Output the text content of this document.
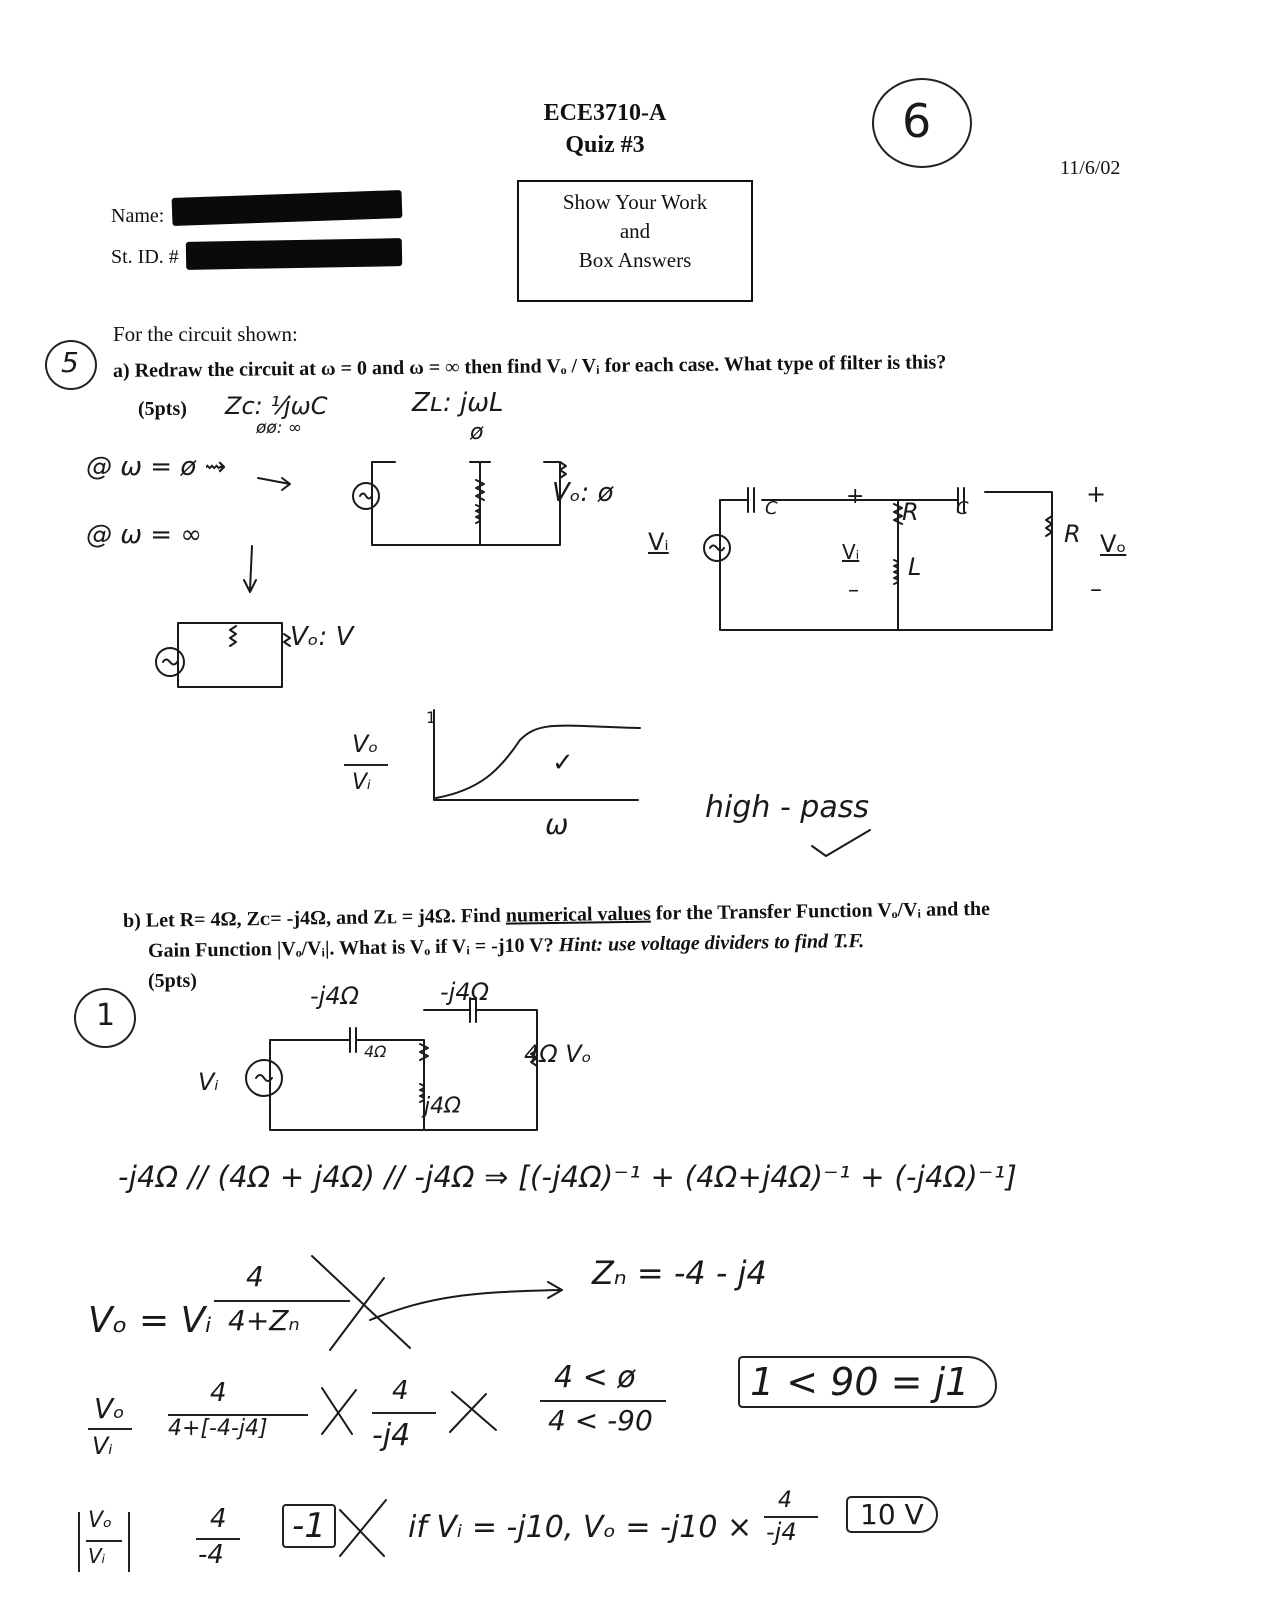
ECE3710-A
Quiz #3
11/6/02
6
Show Your Work
and
Box Answers
Name:
St. ID. #
5
For the circuit shown:
a) Redraw the circuit at ω = 0 and ω = ∞ then find Vₒ / Vᵢ for each case. What type of filter is this?
(5pts) Zᴄ: ¹⁄jωC
øø: ∞
Zʟ: jωL
ø
@ ω = ø ⇝
@ ω = ∞
Vₒ: ø
Vₒ: V
Vᵢ
+
Vᵢ
–
R
C	C
L
R
+
Vₒ
–
Vₒ
Vᵢ
1
ω	high - pass
✓
1
b) Let R= 4Ω, Zᴄ= -j4Ω, and Zʟ = j4Ω. Find numerical values for the Transfer Function Vₒ/Vᵢ and the
Gain Function |Vₒ/Vᵢ|. What is Vₒ if Vᵢ = -j10 V? Hint: use voltage dividers to find T.F.
(5pts)
-j4Ω	-j4Ω
4Ω
j4Ω
4Ω Vₒ
Vᵢ
-j4Ω // (4Ω + j4Ω) // -j4Ω ⇒ [(-j4Ω)⁻¹ + (4Ω+j4Ω)⁻¹ + (-j4Ω)⁻¹]
Zₙ = -4 - j4
Vₒ = Vᵢ
4
4+Zₙ
Vₒ
Vᵢ
4
4+[-4-j4]
4
-j4
4 < ø
4 < -90
1 < 90 = j1
Vₒ
Vᵢ
4
-4
-1	if Vᵢ = -j10, Vₒ = -j10 ×
4
-j4
10 V
